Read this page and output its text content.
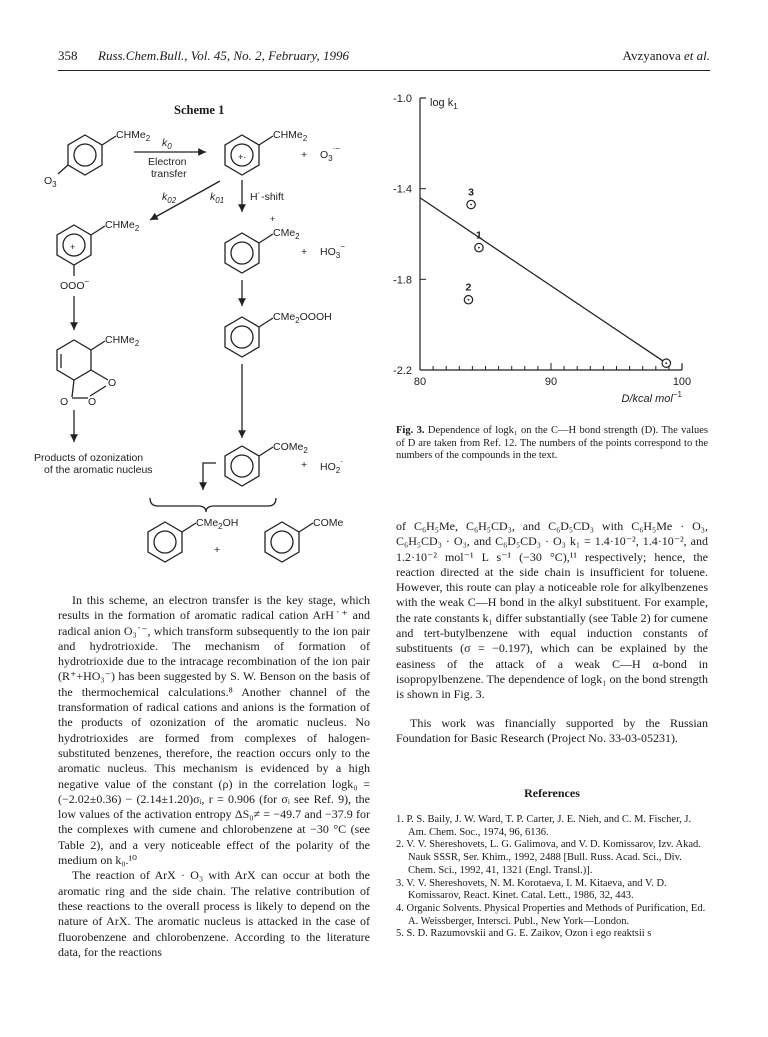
358 Russ.Chem.Bull., Vol. 45, No. 2, February, 1996	Avzyanova et al.
Scheme 1
CHMe$_2$
$O_3$
$k_0$
Electron
transfer
+·
CHMe$_2$
+ $O_3^{\cdot-}$
$k_{02}$	$k_{01}$ H˙-shift
+
CHMe$_2$
OOO−
+
CMe$_2$
+ $HO_3^-$
CMe$_2$OOOH
CHMe$_2$
O
O O
Products of ozonization
of the aromatic nucleus
COMe$_2$
+ $HO_2\cdot$
CMe$_2$OH
+
COMe
1
2
3
-1.0
-1.4
-1.8
-2.2
80	90	100
$\log k_1$
D/kcal mol$^{-1}$
Fig. 3. Dependence of logk₁ on the C—H bond strength (D). The values of D are taken from Ref. 12. The numbers of the points correspond to the numbers of the compounds in the text.

In this scheme, an electron transfer is the key stage, which results in the formation of aromatic radical cation ArH˙⁺ and radical anion O₃˙⁻, which transform subsequently to the ion pair and hydrotrioxide. The mechanism of formation of hydrotrioxide due to the intracage recombination of the ion pair (R⁺+HO₃⁻) has been suggested by S. W. Benson on the basis of the thermochemical calculations.⁸ Another channel of the transformation of radical cations and anions is the formation of the products of ozonization of the aromatic nucleus. No hydrotrioxides are formed from complexes of halogen-substituted benzenes, therefore, the reaction occurs only to the aromatic nucleus. This mechanism is evidenced by a high negative value of the constant (ρ) in the correlation logk₀ = (−2.02±0.36) − (2.14±1.20)σᵢ, r = 0.906 (for σᵢ see Ref. 9), the low values of the activation entropy ΔS₀≠ = −49.7 and −37.9 for the complexes with cumene and chlorobenzene at −30 °C (see Table 2), and a very noticeable effect of the polarity of the medium on k₀.¹⁰

The reaction of ArX · O₃ with ArX can occur at both the aromatic ring and the side chain. The relative contribution of these reactions to the overall process is likely to depend on the nature of ArX. The aromatic nucleus is attacked in the case of fluorobenzene and chlorobenzene. According to the literature data, for the reactions

of C₆H₅Me, C₆H₅CD₃, and C₆D₅CD₃ with C₆H₅Me · O₃, C₆H₅CD₃ · O₃, and C₆D₅CD₃ · O₃ k₁ = 1.4·10⁻², 1.4·10⁻², and 1.2·10⁻² mol⁻¹ L s⁻¹ (−30 °C),¹¹ respectively; hence, the reaction directed at the side chain is insufficient for toluene. However, this route can play a noticeable role for alkylbenzenes with the weak C—H bond in the alkyl substituent. For example, the rate constants k₁ differ substantially (see Table 2) for cumene and tert-butylbenzene with equal induction constants of substituents (σ = −0.197), which can be explained by the easiness of the attack of a weak C—H α-bond in isopropylbenzene. The dependence of logk₁ on the bond strength is shown in Fig. 3.

This work was financially supported by the Russian Foundation for Basic Research (Project No. 33-03-05231).

References
1. P. S. Baily, J. W. Ward, T. P. Carter, J. E. Nieh, and C. M. Fischer, J. Am. Chem. Soc., 1974, 96, 6136.
2. V. V. Shereshovets, L. G. Galimova, and V. D. Komissarov, Izv. Akad. Nauk SSSR, Ser. Khim., 1992, 2488 [Bull. Russ. Acad. Sci., Div. Chem. Sci., 1992, 41, 1321 (Engl. Transl.)].
3. V. V. Shereshovets, N. M. Korotaeva, I. M. Kitaeva, and V. D. Komissarov, React. Kinet. Catal. Lett., 1986, 32, 443.
4. Organic Solvents. Physical Properties and Methods of Purification, Ed. A. Weissberger, Intersci. Publ., New York—London.
5. S. D. Razumovskii and G. E. Zaikov, Ozon i ego reaktsii s
